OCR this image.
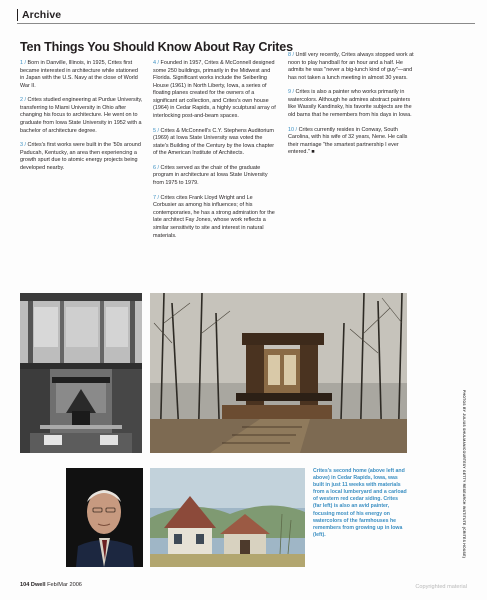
Archive
Ten Things You Should Know About Ray Crites

1 / Born in Danville, Illinois, in 1925, Crites first became interested in architecture while stationed in Japan with the U.S. Navy at the close of World War II.

2 / Crites studied engineering at Purdue University, transferring to Miami University in Ohio after changing his focus to architecture. He went on to graduate from Iowa State University in 1952 with a bachelor of architecture degree.

3 / Crites's first works were built in the '50s around Paducah, Kentucky, an area then experiencing a growth spurt due to atomic energy projects being developed nearby.

4 / Founded in 1957, Crites & McConnell designed some 250 buildings, primarily in the Midwest and Florida. Significant works include the Seiberling House (1961) in North Liberty, Iowa, a series of floating planes created for the owners of a significant art collection, and Crites's own house (1964) in Cedar Rapids, a highly sculptural array of interlocking post-and-beam spaces.

5 / Crites & McConnell's C.Y. Stephens Auditorium (1969) at Iowa State University was voted the state's Building of the Century by the Iowa chapter of the American Institute of Architects.

6 / Crites served as the chair of the graduate program in architecture at Iowa State University from 1975 to 1979.

7 / Crites cites Frank Lloyd Wright and Le Corbusier as among his influences; of his contemporaries, he has a strong admiration for the late architect Fay Jones, whose work reflects a similar sensitivity to site and interest in natural materials.

8 / Until very recently, Crites always stopped work at noon to play handball for an hour and a half. He admits he was "never a big-lunch kind of guy"—and has not taken a lunch meeting in almost 30 years.

9 / Crites is also a painter who works primarily in watercolors. Although he admires abstract painters like Wassily Kandinsky, his favorite subjects are the old barns that he remembers from his days in Iowa.

10 / Crites currently resides in Conway, South Carolina, with his wife of 32 years, Nene. He calls their marriage "the smartest partnership I ever entered." ■

Crites's second home (above left and above) in Cedar Rapids, Iowa, was built in just 11 weeks with materials from a local lumberyard and a carload of western red cedar siding. Crites (far left) is also an avid painter, focusing most of his energy on watercolors of the farmhouses he remembers from growing up in Iowa (left).	PHOTOS BY JULIUS SHULMAN/COURTESY GETTY RESEARCH INSTITUTE (CRITES HOUSE)
104 Dwell Feb/Mar 2006	Copyrighted material
